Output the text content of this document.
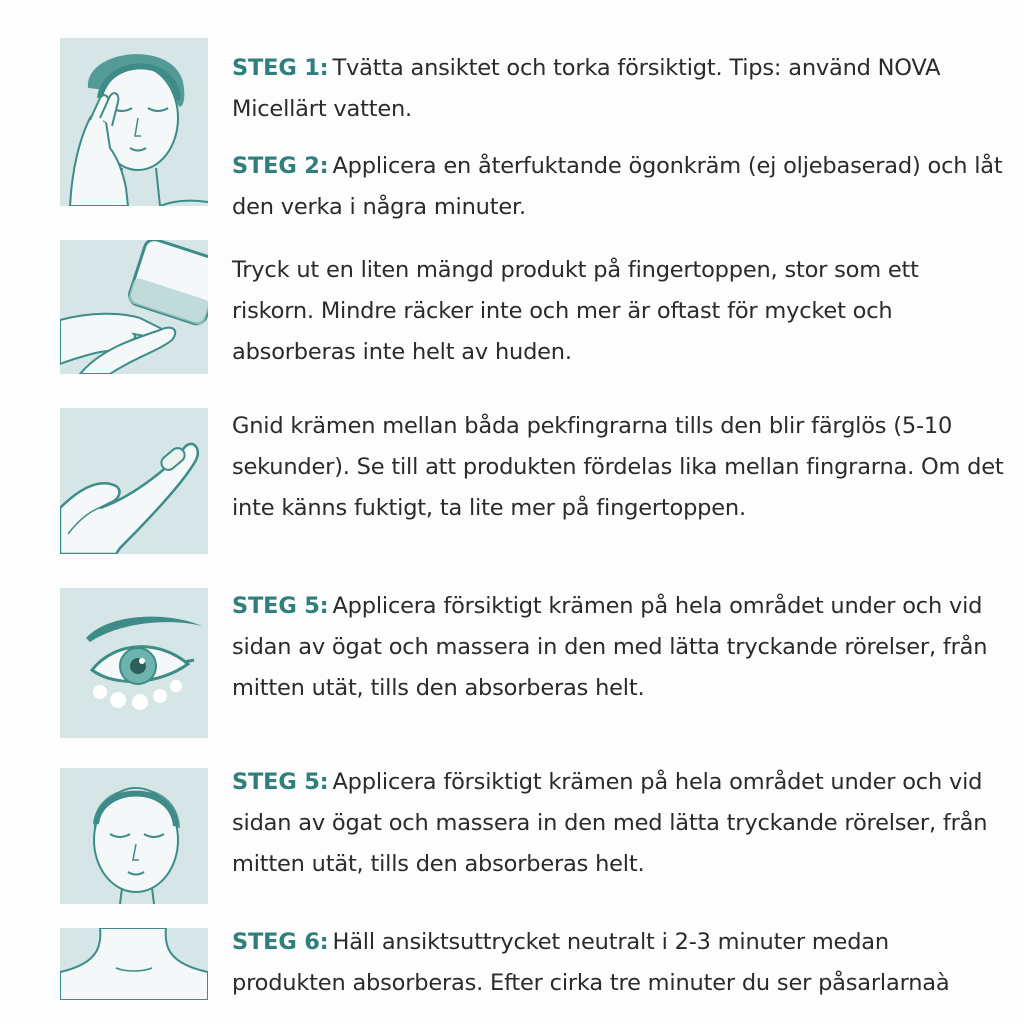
STEG 1: Tvätta ansiktet och torka försiktigt. Tips: använd NOVA Micellärt vatten.
STEG 2: Applicera en återfuktande ögonkräm (ej oljebaserad) och låt den verka i några minuter.
Tryck ut en liten mängd produkt på fingertoppen, stor som ett riskorn. Mindre räcker inte och mer är oftast för mycket och absorberas inte helt av huden.
Gnid krämen mellan båda pekfingrarna tills den blir färglös (5-10 sekunder). Se till att produkten fördelas lika mellan fingrarna. Om det inte känns fuktigt, ta lite mer på fingertoppen.
STEG 5: Applicera försiktigt krämen på hela området under och vid sidan av ögat och massera in den med lätta tryckande rörelser, från mitten utät, tills den absorberas helt.
STEG 5: Applicera försiktigt krämen på hela området under och vid sidan av ögat och massera in den med lätta tryckande rörelser, från mitten utät, tills den absorberas helt.
STEG 6: Häll ansiktsuttrycket neutralt i 2-3 minuter medan produkten absorberas. Efter cirka tre minuter du ser påsarlarnaà
